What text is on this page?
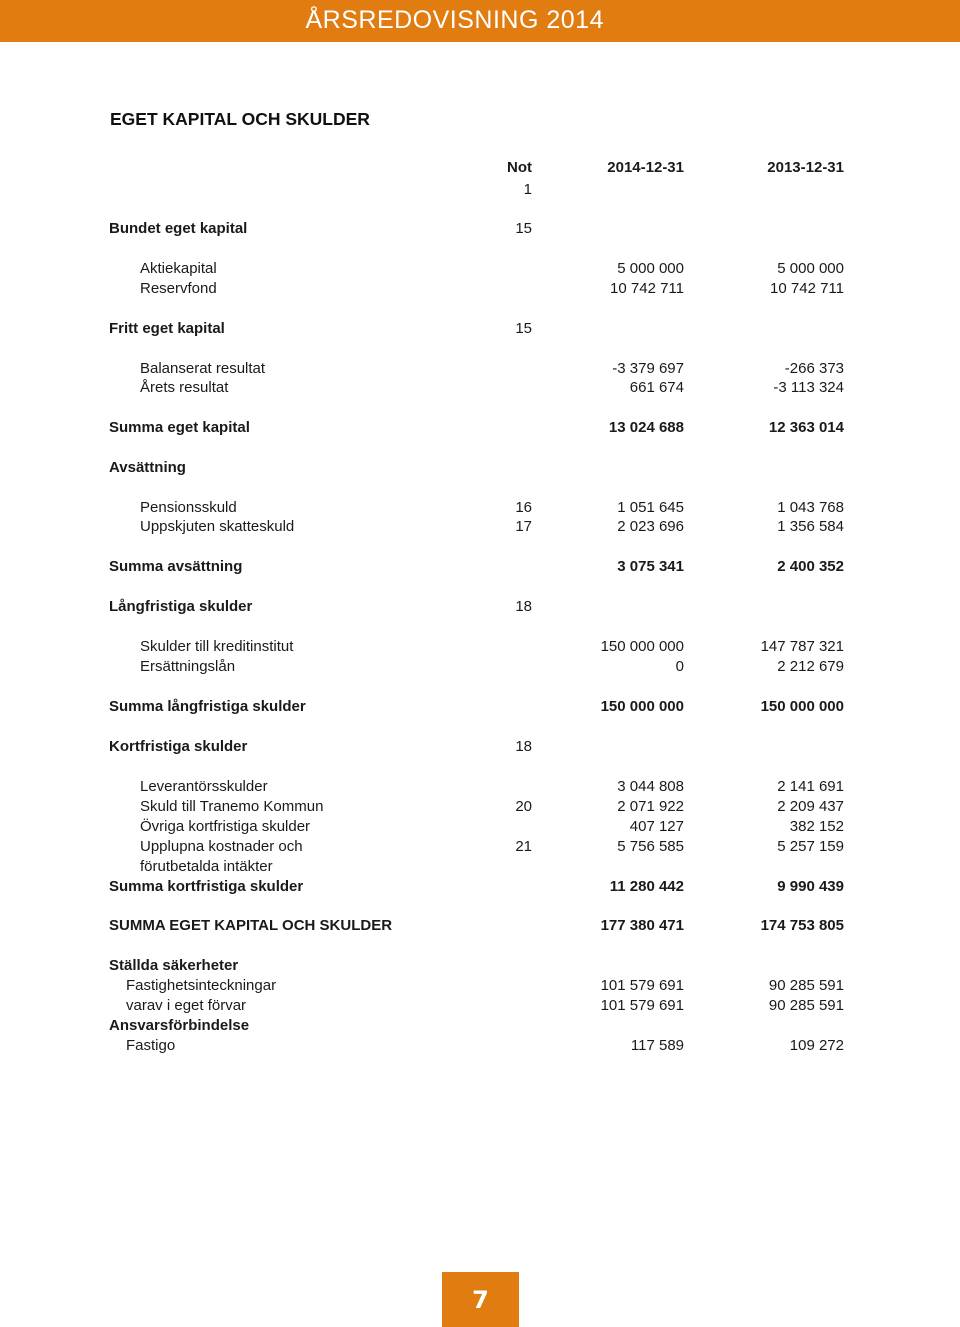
ÅRSREDOVISNING 2014
EGET KAPITAL OCH SKULDER
Not	2014-12-31	2013-12-31
1
Bundet eget kapital	15
Aktiekapital	5 000 000	5 000 000
Reservfond	10 742 711	10 742 711
Fritt eget kapital	15
Balanserat resultat	-3 379 697	-266 373
Årets resultat	661 674	-3 113 324
Summa eget kapital	13 024 688	12 363 014
Avsättning
Pensionsskuld	16	1 051 645	1 043 768
Uppskjuten skatteskuld	17	2 023 696	1 356 584
Summa avsättning	3 075 341	2 400 352
Långfristiga skulder	18
Skulder till kreditinstitut	150 000 000	147 787 321
Ersättningslån	0	2 212 679
Summa långfristiga skulder	150 000 000	150 000 000
Kortfristiga skulder	18
Leverantörsskulder	3 044 808	2 141 691
Skuld till Tranemo Kommun	20	2 071 922	2 209 437
Övriga kortfristiga skulder	407 127	382 152
Upplupna kostnader och	21	5 756 585	5 257 159
förutbetalda intäkter
Summa kortfristiga skulder	11 280 442	9 990 439
SUMMA EGET KAPITAL OCH SKULDER	177 380 471	174 753 805
Ställda säkerheter
Fastighetsinteckningar	101 579 691	90 285 591
varav i eget förvar	101 579 691	90 285 591
Ansvarsförbindelse
Fastigo	117 589	109 272
7
